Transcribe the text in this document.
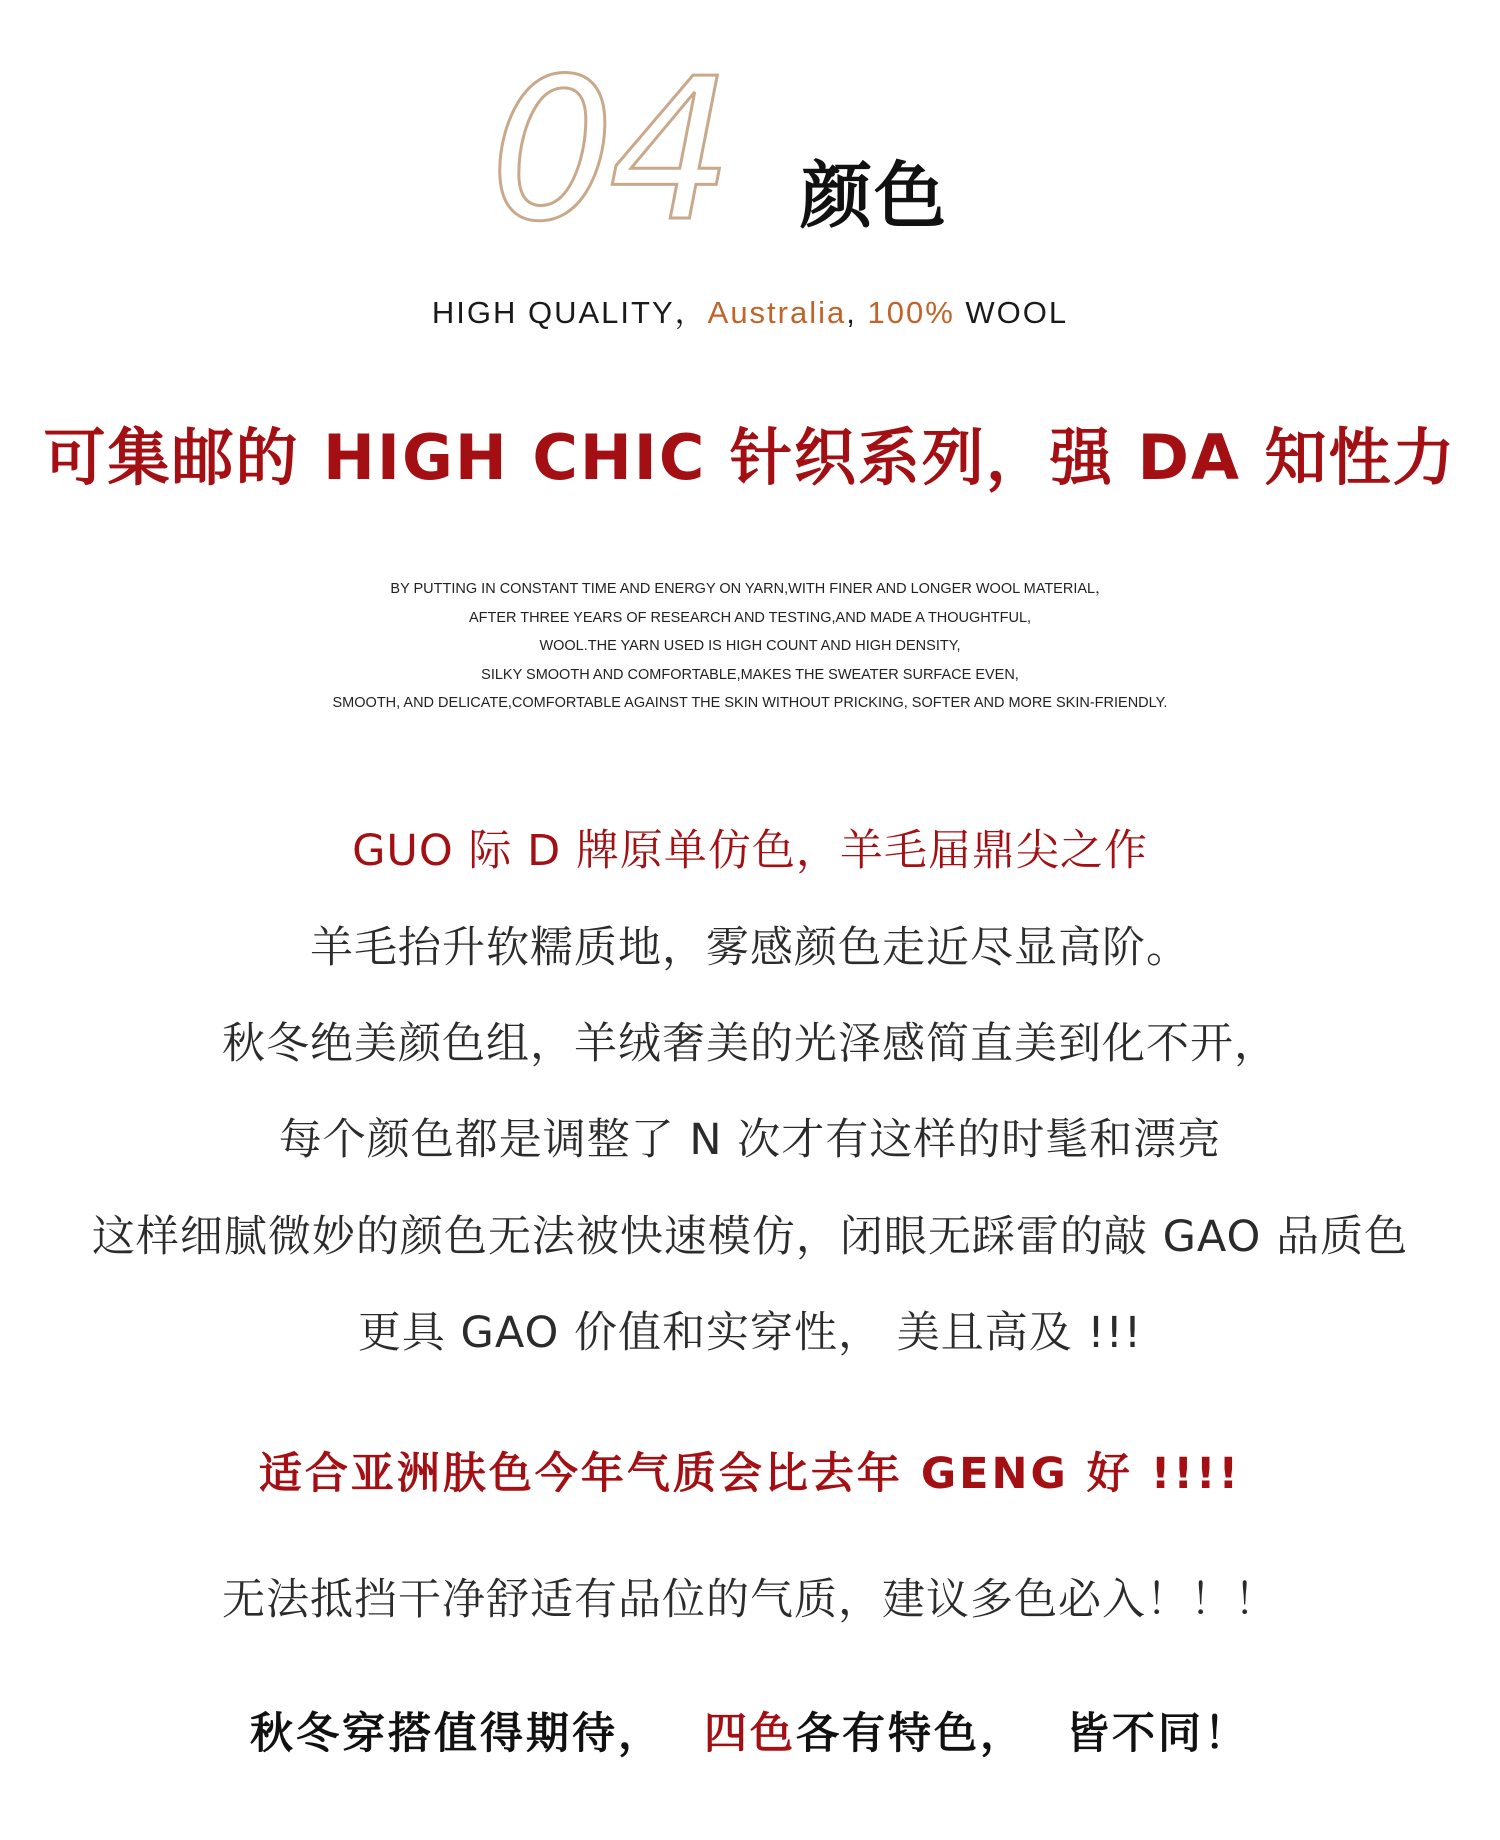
04 颜色
HIGH QUALITY，Australia, 100% WOOL
可集邮的 HIGH CHIC 针织系列，强 DA 知性力
BY PUTTING IN CONSTANT TIME AND ENERGY ON YARN,WITH FINER AND LONGER WOOL MATERIAL，
AFTER THREE YEARS OF RESEARCH AND TESTING,AND MADE A THOUGHTFUL,
WOOL.THE YARN USED IS HIGH COUNT AND HIGH DENSITY,
SILKY SMOOTH AND COMFORTABLE,MAKES THE SWEATER SURFACE EVEN,
SMOOTH, AND DELICATE,COMFORTABLE AGAINST THE SKIN WITHOUT PRICKING, SOFTER AND MORE SKIN-FRIENDLY.
GUO 际 D 牌原单仿色，羊毛届鼎尖之作
羊毛抬升软糯质地，雾感颜色走近尽显高阶。
秋冬绝美颜色组，羊绒奢美的光泽感简直美到化不开，
每个颜色都是调整了 N 次才有这样的时髦和漂亮
这样细腻微妙的颜色无法被快速模仿，闭眼无踩雷的敲 GAO 品质色
更具 GAO 价值和实穿性， 美且高及 !!!
适合亚洲肤色今年气质会比去年 GENG 好 !!!!
无法抵挡干净舒适有品位的气质，建议多色必入！！！
秋冬穿搭值得期待， 四色各有特色， 皆不同！
